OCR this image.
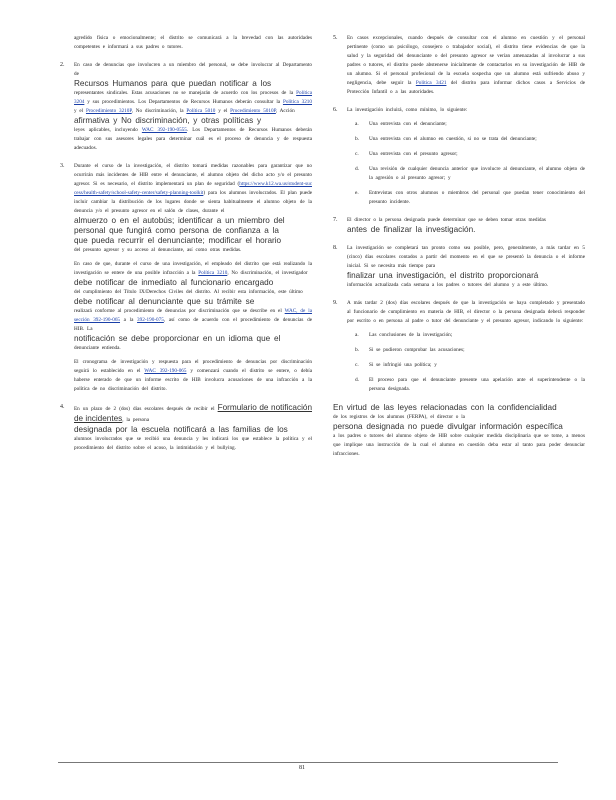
agredido física o emocionalmente; el distrito se comunicará a la brevedad con las autoridades competentes e informará a sus padres o tutores.

2. En caso de denuncias que involucren a un miembro del personal, se debe involucrar al Departamento de
Recursos Humanos para que puedan notificar a los
representantes sindicales. Estas acusaciones no se manejarán de acuerdo con los procesos de la Política 3204 y sus procedimientos. Los Departamentos de Recursos Humanos deberán consultar la Política 3210 y el Procedimiento 3210P, No discriminación, la Política 5010 y el Procedimiento 5010P, Acción
afirmativa y No discriminación, y otras políticas y
leyes aplicables, incluyendo WAC 392-190-0555. Los Departamentos de Recursos Humanos deberán trabajar con sus asesores legales para determinar cuál es el proceso de denuncia y de respuesta adecuados.

3. Durante el curso de la investigación, el distrito tomará medidas razonables para garantizar que no ocurrirán más incidentes de HIB entre el denunciante, el alumno objeto del dicho acto y/o el presunto agresor. Si es necesario, el distrito implementará un plan de seguridad (https://www.k12.wa.us/student-success/health-safety/school-safety-center/safety-planning-toolkit) para los alumnos involucrados. El plan puede incluir cambiar la distribución de los lugares donde se sienta habitualmente el alumno objeto de la denuncia y/o el presunto agresor en el salón de clases, durante el
almuerzo o en el autobús; identificar a un miembro del
personal que fungirá como persona de confianza a la
que pueda recurrir el denunciante; modificar el horario
del presunto agresor y su acceso al denunciante, así como otras medidas.

En caso de que, durante el curso de una investigación, el empleado del distrito que está realizando la investigación se entere de una posible infracción a la Política 3210, No discriminación, el investigador
debe notificar de inmediato al funcionario encargado
del cumplimiento del Título IX/Derechos Civiles del distrito. Al recibir esta información, este último
debe notificar al denunciante que su trámite se
realizará conforme al procedimiento de denuncias por discriminación que se describe en el WAC, de la sección 392-190-065 a la 392-190-075, así como de acuerdo con el procedimiento de denuncias de HIB. La
notificación se debe proporcionar en un idioma que el
denunciante entienda.

El cronograma de investigación y respuesta para el procedimiento de denuncias por discriminación seguirá lo establecido en el WAC 392-190-065 y comenzará cuando el distrito se entere, o debía haberse enterado de que un informe escrito de HIB involucra acusaciones de una infracción a la política de no discriminación del distrito.

4. En un plazo de 2 (dos) días escolares después de recibir el Formulario de notificación de incidentes, la persona
designada por la escuela notificará a las familias de los
alumnos involucrados que se recibió una denuncia y les indicará los que establece la política y el procedimiento del distrito sobre el acoso, la intimidación y el bullying.

5. En casos excepcionales, cuando después de consultar con el alumno en cuestión y el personal pertinente (como un psicólogo, consejero o trabajador social), el distrito tiene evidencias de que la salud y la seguridad del denunciante o del presunto agresor se verían amenazadas al involucrar a sus padres o tutores, el distrito puede abstenerse inicialmente de contactarlos en su investigación de HIB de un alumno. Si el personal profesional de la escuela sospecha que un alumno está sufriendo abuso y negligencia, debe seguir la Política 3421 del distrito para informar dichos casos a Servicios de Protección Infantil o a las autoridades.

6. La investigación incluirá, como mínimo, lo siguiente:

a. Una entrevista con el denunciante;

b. Una entrevista con el alumno en cuestión, si no se trata del denunciante;

c. Una entrevista con el presunto agresor;

d. Una revisión de cualquier denuncia anterior que involucre al denunciante, el alumno objeto de la agresión o al presunto agresor; y

e. Entrevistas con otros alumnos o miembros del personal que puedan tener conocimiento del presunto incidente.

7. El director o la persona designada puede determinar que se deben tomar otras medidas
antes de finalizar la investigación.

8. La investigación se completará tan pronto como sea posible, pero, generalmente, a más tardar en 5 (cinco) días escolares contados a partir del momento en el que se presentó la denuncia o el informe inicial. Si se necesita más tiempo para
finalizar una investigación, el distrito proporcionará
información actualizada cada semana a los padres o tutores del alumno y a este último.

9. A más tardar 2 (dos) días escolares después de que la investigación se haya completado y presentado al funcionario de cumplimiento en materia de HIB, el director o la persona designada deberá responder por escrito o en persona al padre o tutor del denunciante y el presunto agresor, indicando lo siguiente:

a. Las conclusiones de la investigación;

b. Si se pudieron comprobar las acusaciones;

c. Si se infringió una política; y

d. El proceso para que el denunciante presente una apelación ante el superintendente o la persona designada.

En virtud de las leyes relacionadas con la confidencialidad
de los registros de los alumnos (FERPA), el director o la
persona designada no puede divulgar información específica
a los padres o tutores del alumno objeto de HIB sobre cualquier medida disciplinaria que se tome, a menos que implique una instrucción de la cual el alumno en cuestión deba estar al tanto para poder denunciar infracciones.

81
